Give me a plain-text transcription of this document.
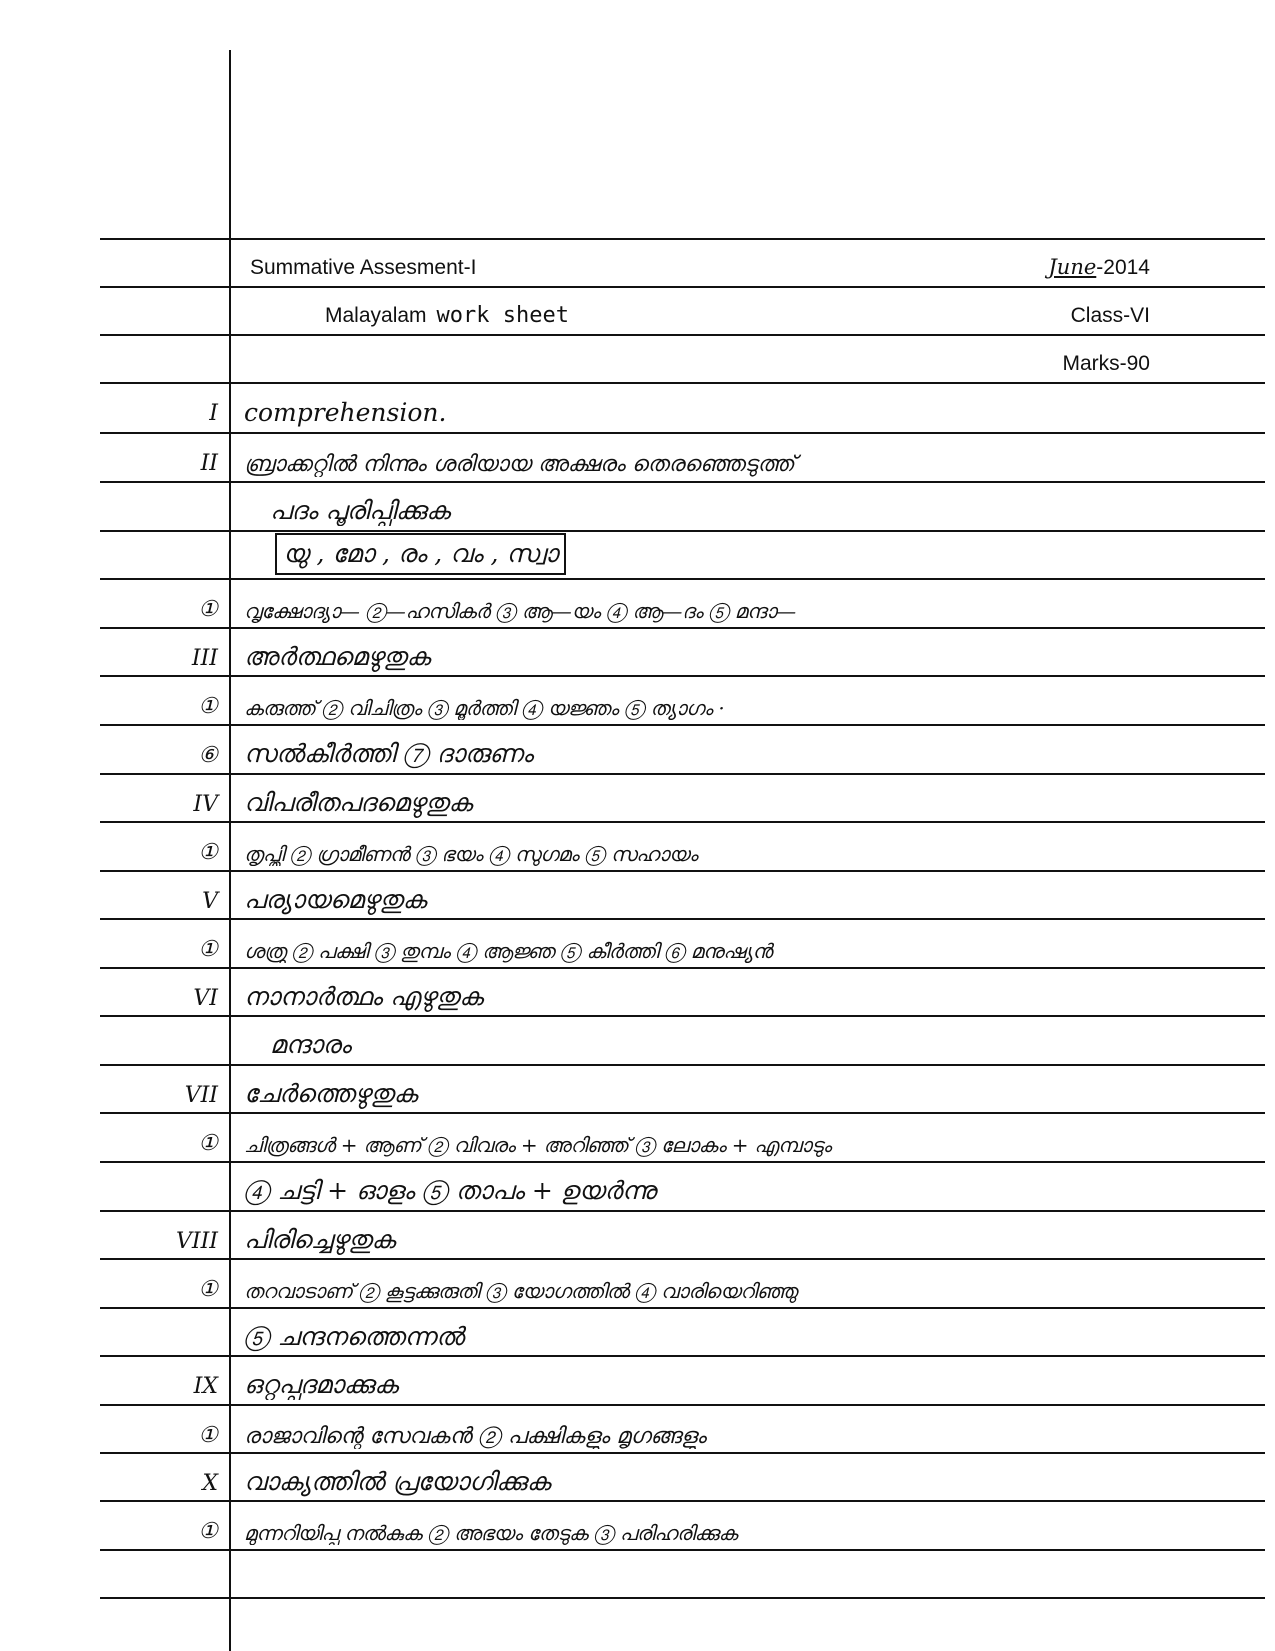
Summative Assesment-I	June-2014
Malayalam work sheet	Class-VI
Marks-90
I comprehension.
II ബ്രാക്കറ്റിൽ നിന്നും ശരിയായ അക്ഷരം തെരഞ്ഞെടുത്ത്
പദം പൂരിപ്പിക്കുക
യു , മോ , രം , വം , സ്വാ
① വൃക്ഷോദ്യാ— ②—ഹസികർ ③ ആ—യം ④ ആ—ദം ⑤ മന്ദാ—
III അർത്ഥമെഴുതുക
① കരുത്ത് ② വിചിത്രം ③ മൂർത്തി ④ യജ്ഞം ⑤ ത്യാഗം ·
⑥ സൽകീർത്തി ⑦ ദാരുണം
IV വിപരീതപദമെഴുതുക
① തൃപ്തി ② ഗ്രാമീണൻ ③ ഭയം ④ സുഗമം ⑤ സഹായം
V പര്യായമെഴുതുക
① ശത്രു ② പക്ഷി ③ തുമ്പം ④ ആജ്ഞ ⑤ കീർത്തി ⑥ മനുഷ്യൻ
VI നാനാർത്ഥം എഴുതുക
മന്ദാരം
VII ചേർത്തെഴുതുക
① ചിത്രങ്ങൾ + ആണ് ② വിവരം + അറിഞ്ഞ് ③ ലോകം + എമ്പാടും
④ ചട്ടി + ഓളം ⑤ താപം + ഉയർന്നു
VIII പിരിച്ചെഴുതുക
① തറവാടാണ് ② കൂട്ടക്കുരുതി ③ യോഗത്തിൽ ④ വാരിയെറിഞ്ഞു
⑤ ചന്ദനത്തെന്നൽ
IX ഒറ്റപ്പദമാക്കുക
① രാജാവിന്റെ സേവകൻ ② പക്ഷികളും മൃഗങ്ങളും
X വാക്യത്തിൽ പ്രയോഗിക്കുക
① മുന്നറിയിപ്പു നൽകുക ② അഭയം തേടുക ③ പരിഹരിക്കുക
